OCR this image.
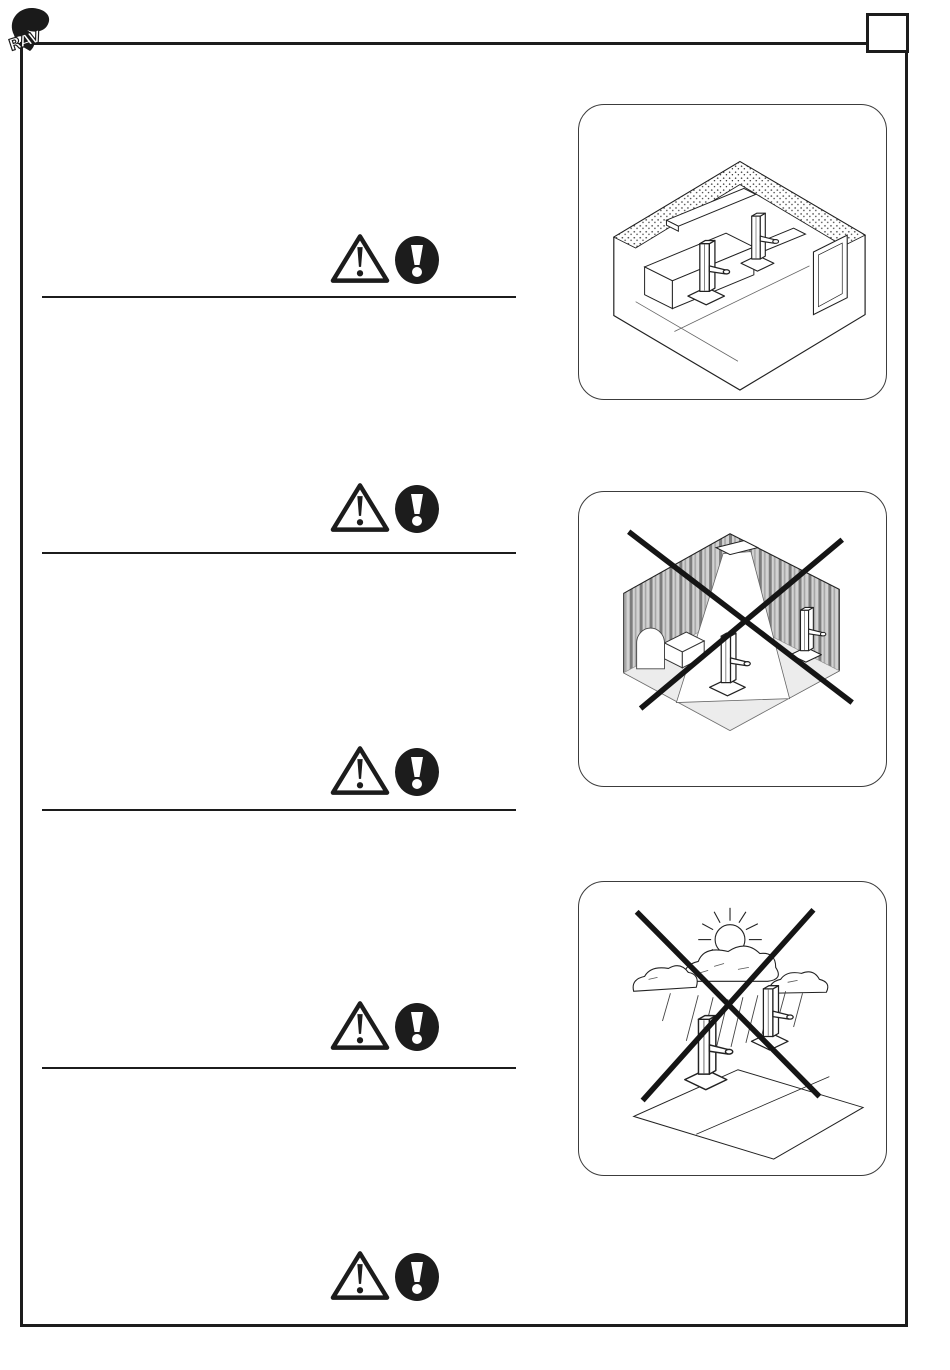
RAV
